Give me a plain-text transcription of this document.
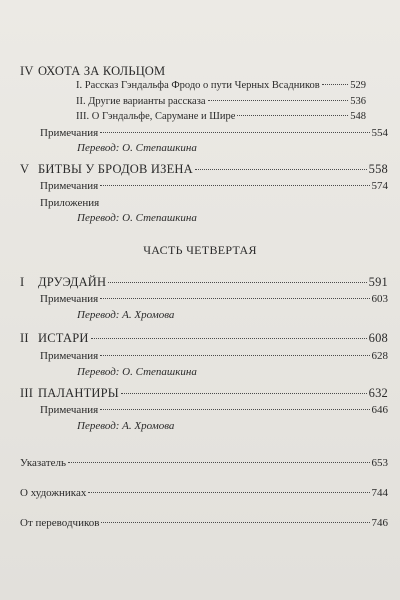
IV ОХОТА ЗА КОЛЬЦОМ
I. Рассказ Гэндальфа Фродо о пути Черных Всадников	529
II. Другие варианты рассказа	536
III. О Гэндальфе, Сарумане и Шире	548
Примечания	554
Перевод: О. Степашкина
V БИТВЫ У БРОДОВ ИЗЕНА	558
Примечания	574
Приложения
Перевод: О. Степашкина
ЧАСТЬ ЧЕТВЕРТАЯ
I	ДРУЭДАЙН	591
Примечания	603
Перевод: А. Хромова
II ИСТАРИ	608
Примечания	628
Перевод: О. Степашкина
III ПАЛАНТИРЫ	632
Примечания	646
Перевод: А. Хромова
Указатель	653
О художниках	744
От переводчиков	746
